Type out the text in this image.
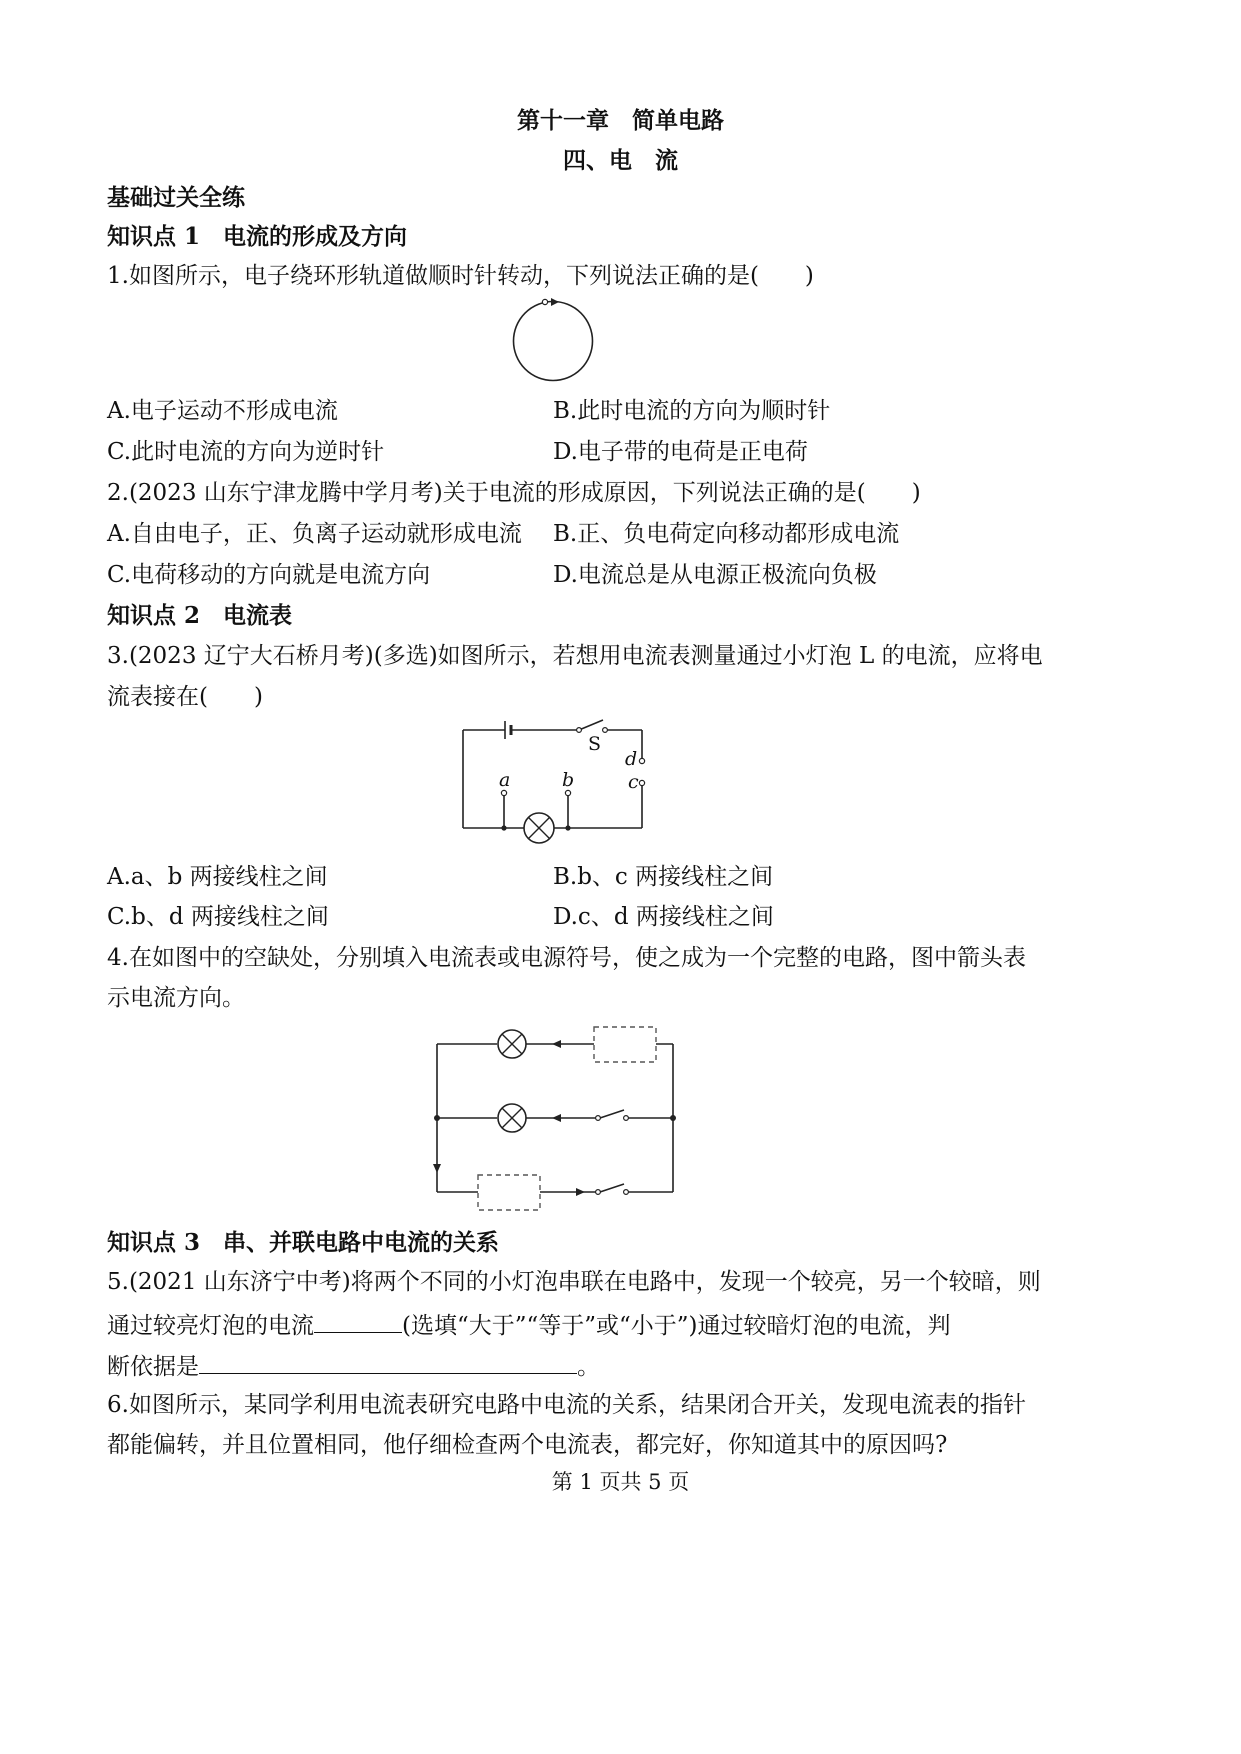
第十一章　简单电路
四、电　流
基础过关全练
知识点 1　电流的形成及方向
1.如图所示，电子绕环形轨道做顺时针转动，下列说法正确的是(　　)
A.电子运动不形成电流	B.此时电流的方向为顺时针
C.此时电流的方向为逆时针	D.电子带的电荷是正电荷
2.(2023 山东宁津龙腾中学月考)关于电流的形成原因，下列说法正确的是(　　)
A.自由电子，正、负离子运动就形成电流 B.正、负电荷定向移动都形成电流
C.电荷移动的方向就是电流方向	D.电流总是从电源正极流向负极
知识点 2　电流表
3.(2023 辽宁大石桥月考)(多选)如图所示，若想用电流表测量通过小灯泡 L 的电流，应将电
流表接在(　　)
S
d
c
a	b
A.a、b 两接线柱之间	B.b、c 两接线柱之间
C.b、d 两接线柱之间	D.c、d 两接线柱之间
4.在如图中的空缺处，分别填入电流表或电源符号，使之成为一个完整的电路，图中箭头表
示电流方向。
知识点 3　串、并联电路中电流的关系
5.(2021 山东济宁中考)将两个不同的小灯泡串联在电路中，发现一个较亮，另一个较暗，则
通过较亮灯泡的电流	(选填“大于”“等于”或“小于”)通过较暗灯泡的电流，判
断依据是	。
6.如图所示，某同学利用电流表研究电路中电流的关系，结果闭合开关，发现电流表的指针
都能偏转，并且位置相同，他仔细检查两个电流表，都完好，你知道其中的原因吗?
第 1 页共 5 页
